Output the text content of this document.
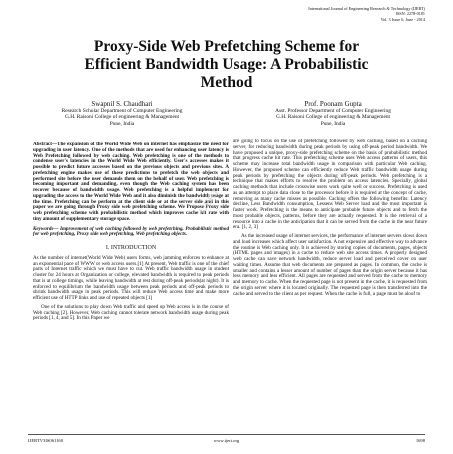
International Journal of Engineering Research & Technology (IJERT)
ISSN: 2278-0181
Vol. 3 Issue 6, June - 2014
Proxy-Side Web Prefetching Scheme for
Efficient Bandwidth Usage: A Probabilistic
Method
Swapnil S. Chaudhari
Research Scholar Department of Computer Engineering
G.H. Raisoni College of engineering & Management
Pune, India
Prof. Poonam Gupta
Asst. Professor Department of Computer Engineering
G.H. Raisoni College of engineering & Management
Pune, India

Abstract—The expansion of the World Wide Web on internet has emphasize the need for upgrading in user latency. One of the methods that are used for enhancing user latency is Web Prefetching followed by web caching. Web prefetching is one of the methods to condense user's latencies in the World Wide Web efficiently. User's accesses makes it possible to predict future accesses based on the previous objects and previous sites. A prefetching engine makes use of these predictions to prefetch the web objects and performed site before the user demands them on the behalf of user. Web prefetching is becoming important and demanding, even though the Web caching system has been recover because of bandwidth usage. Web prefetching is a helpful implement for upgrading the access to the World Wide Web and it also diminish the bandwidth usage at the time. Prefetching can be perform at the client side or at the server side and in this paper we are going through Proxy side web prefetching scheme. We Propose Proxy side web prefetching scheme with probabilistic method which improves cache hit rate with tiny amount of supplementary storage space.

Keywords— Improvement of web caching followed by web prefetching, Probabilistic method for web prefetching, Proxy side web prefetching, Web prefetching objects.

I. INTRODUCTION

As the number of internet(World Wide Web) users forms, web jamming enforces to enhance at an exponential pace of WWW or web access users.[1] At present, Web traffic is one of the chief parts of Internet traffic which we must have to cut. Web traffic bandwidth usage in student cluster for 24 hours at Organization or college, elevated bandwidth is required to peak periods that is at college timings, while leaving bandwidth at rest during off-peak periods(at night). It is enforced to equilibrium the bandwidth usage between peak periods and off-peak periods to shrink bandwidth usage in peak periods. This will reduce Web access time and make more efficient use of HTTP links and use of repeated objects [1]

One of the solutions to play down Web traffic and speed up Web access is in the course of Web caching [2]. However, Web caching cannot tolerate network bandwidth usage during peak periods [1, 4, and 5]. In this Paper we

are going to focus on the use of prefetching followed by web caching, based on a caching server, for reducing bandwidth during peak periods by using off-peak period bandwidth. We have proposed a unique, proxy-side prefetching scheme on the basis of probabilistic method that progress cache hit rate. This prefetching scheme uses Web access patterns of users, this scheme may increase total bandwidth usage in comparison with particular Web caching. However, the proposed scheme can efficiently reduce Web traffic bandwidth usage during peak periods by prefetching the objects during off-peak periods. Web prefetching is a technique that makes efforts to resolve the problem on access latencies. Specially, global caching methods that include crosswise users work quite well or success. Prefetching is used as an attempt to place data close to the processor before it is required at the concept of cache, removing as many cache misses as possible. Caching offers the following benefits: Latency decline, Less Bandwidth consumption, Lessens Web Server load and the most important is faster work. Prefetching is the means to anticipate probable future objects and to fetch the most probable objects, patterns, before they are actually requested. It is the retrieval of a resource into a cache in the anticipation that it can be served from the cache in the near future era. [1, 2, 3]

As the increased usage of internet services, the performance of internet servers slows down and load increases which affect user satisfaction. A not expensive and effective way to advance the routine is Web caching only. It is achieved by storing copies of documents, pages, objects (HTML pages and images) in a cache to reduce web site access times. A properly designed web cache can save network bandwidth, reduce server load and perceived cover on user waiting times. Assume that web documents are prepared as pages. In common, the cache is smaller and contains a lesser amount of number of pages than the origin server because it has less memory and less efficient. All pages are requested and served from the cache to memory and memory to cache. When the requested page is not present in the cache, it is requested from the origin server where it is located originally. The requested page is then transferred into the cache and served to the client as per request. When the cache is full, a page must be aloof to

IJERT
IJERTV3IS061160	www.ijert.org	1698
